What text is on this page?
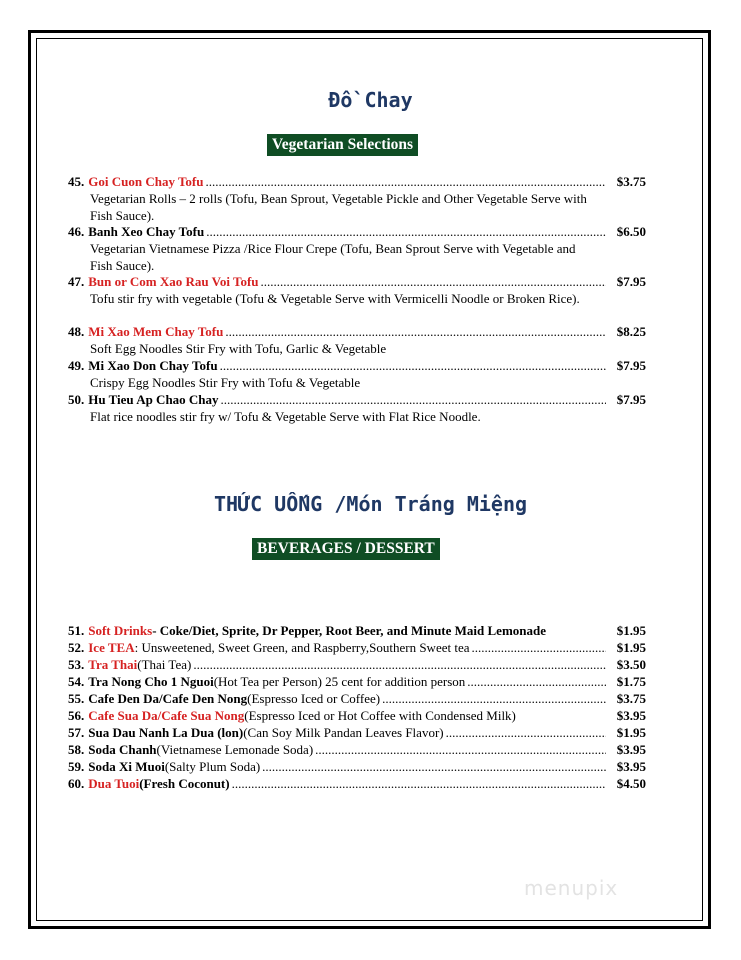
Đồ Chay
Vegetarian Selections
45. Goi Cuon Chay Tofu .....	$3.75
Vegetarian Rolls – 2 rolls (Tofu, Bean Sprout, Vegetable Pickle and Other Vegetable Serve with Fish Sauce).
46. Banh Xeo Chay Tofu .....	$6.50
Vegetarian Vietnamese Pizza /Rice Flour Crepe (Tofu, Bean Sprout Serve with Vegetable and Fish Sauce).
47. Bun or Com Xao Rau Voi Tofu .....	$7.95
Tofu stir fry with vegetable (Tofu & Vegetable Serve with Vermicelli Noodle or Broken Rice).
48. Mi Xao Mem Chay Tofu .....	$8.25
Soft Egg Noodles Stir Fry with Tofu, Garlic & Vegetable
49. Mi Xao Don Chay Tofu .....	$7.95
Crispy Egg Noodles Stir Fry with Tofu & Vegetable
50. Hu Tieu Ap Chao Chay .....	$7.95
Flat rice noodles stir fry w/ Tofu & Vegetable Serve with Flat Rice Noodle.
THỨC UỐNG /Món Tráng Miệng
BEVERAGES / DESSERT
51. Soft Drinks - Coke/Diet, Sprite, Dr Pepper, Root Beer, and Minute Maid Lemonade	$1.95
52. Ice TEA : Unsweetened, Sweet Green, and Raspberry,Southern Sweet tea .....	$1.95
53. Tra Thai (Thai Tea) .....	$3.50
54. Tra Nong Cho 1 Nguoi (Hot Tea per Person) 25 cent for addition person .....	$1.75
55. Cafe Den Da/Cafe Den Nong (Espresso Iced or Coffee) .....	$3.75
56. Cafe Sua Da/Cafe Sua Nong (Espresso Iced or Hot Coffee with Condensed Milk)	$3.95
57. Sua Dau Nanh La Dua (lon) (Can Soy Milk Pandan Leaves Flavor) .....	$1.95
58. Soda Chanh (Vietnamese Lemonade Soda) .....	$3.95
59. Soda Xi Muoi (Salty Plum Soda) .....	$3.95
60. Dua Tuoi (Fresh Coconut) .....	$4.50
menupix
